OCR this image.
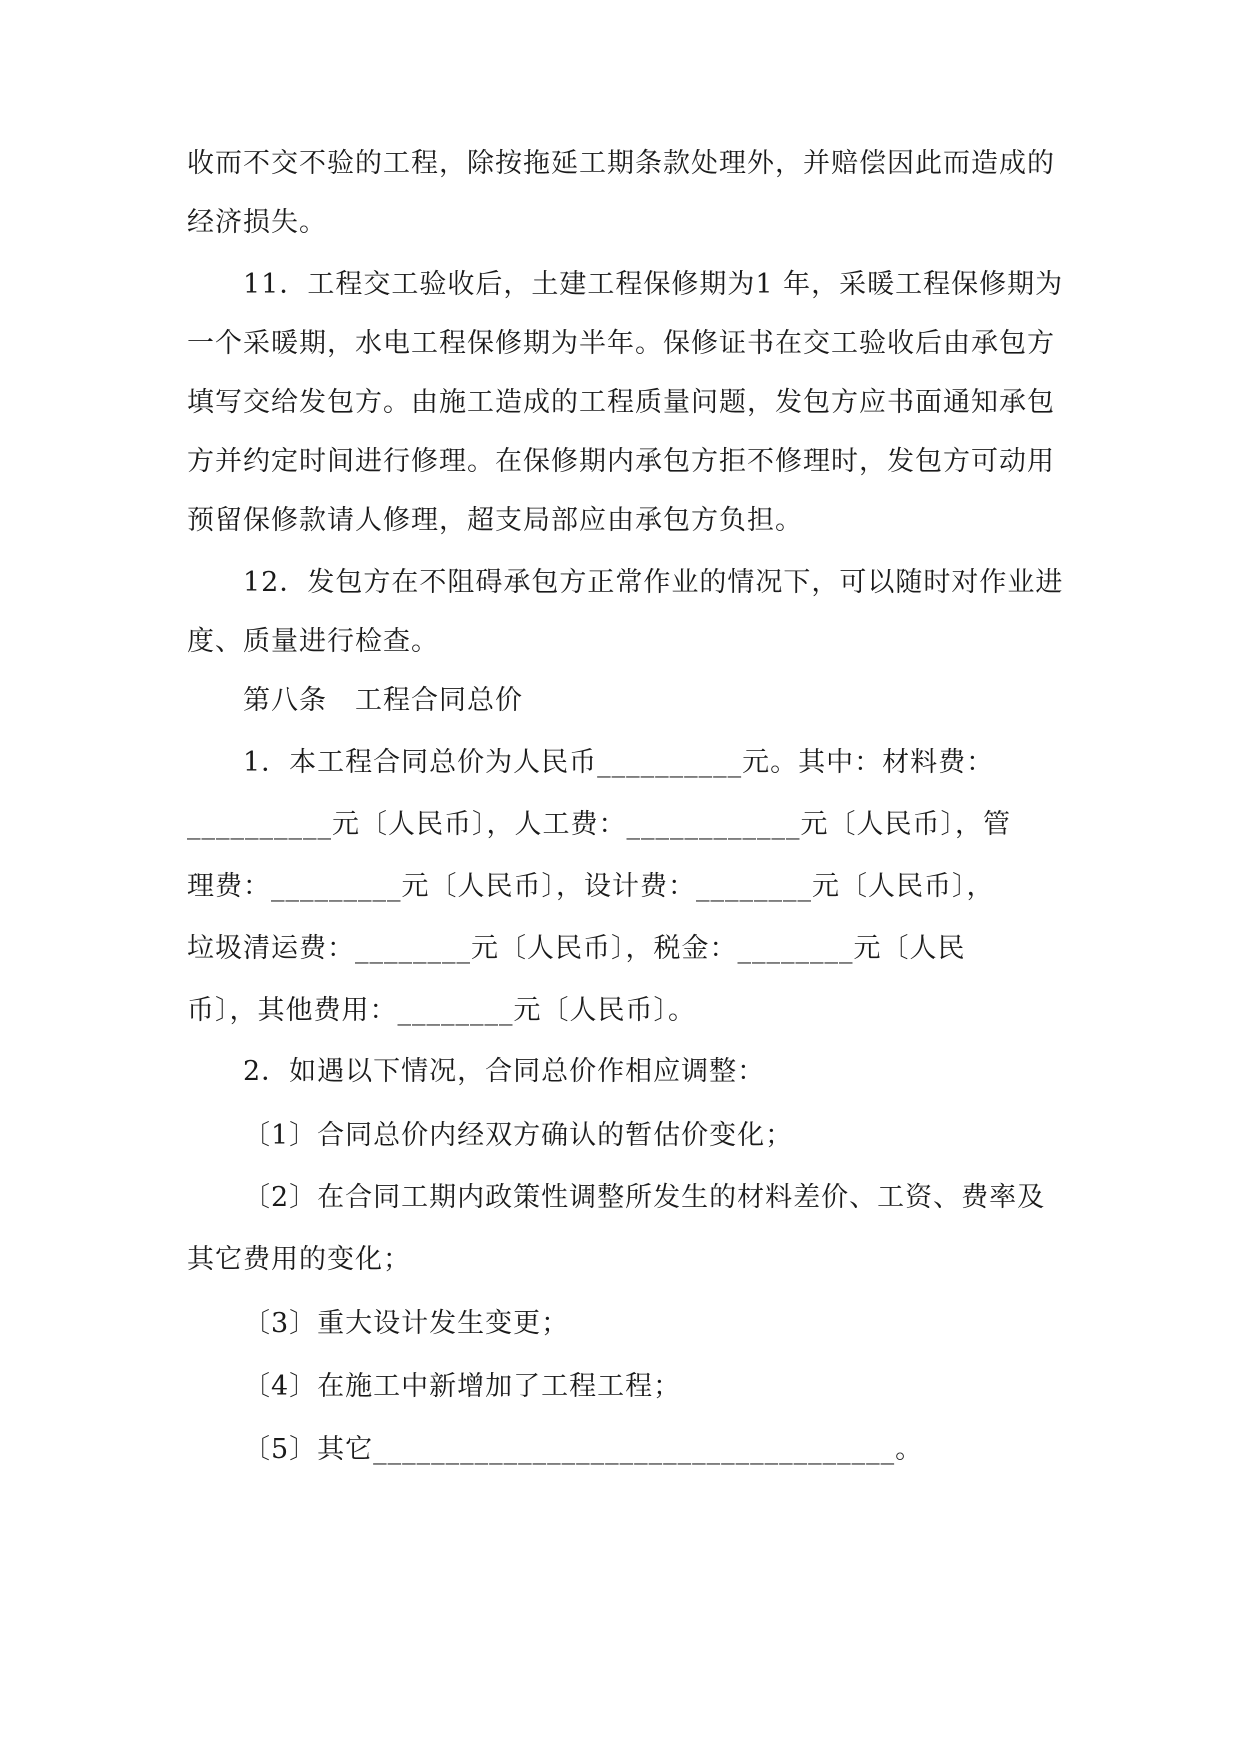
收而不交不验的工程，除按拖延工期条款处理外，并赔偿因此而造成的
经济损失。
11．工程交工验收后，土建工程保修期为1 年，采暖工程保修期为
一个采暖期，水电工程保修期为半年。保修证书在交工验收后由承包方
填写交给发包方。由施工造成的工程质量问题，发包方应书面通知承包
方并约定时间进行修理。在保修期内承包方拒不修理时，发包方可动用
预留保修款请人修理，超支局部应由承包方负担。
12．发包方在不阻碍承包方正常作业的情况下，可以随时对作业进
度、质量进行检查。
第八条　工程合同总价
1．本工程合同总价为人民币__________元。其中：材料费：
__________元〔人民币〕，人工费：____________元〔人民币〕，管
理费：_________元〔人民币〕，设计费：________元〔人民币〕，
垃圾清运费：________元〔人民币〕，税金：________元〔人民
币〕，其他费用：________元〔人民币〕。
2．如遇以下情况，合同总价作相应调整：
〔1〕合同总价内经双方确认的暂估价变化；
〔2〕在合同工期内政策性调整所发生的材料差价、工资、费率及
其它费用的变化；
〔3〕重大设计发生变更；
〔4〕在施工中新增加了工程工程；
〔5〕其它____________________________________。
